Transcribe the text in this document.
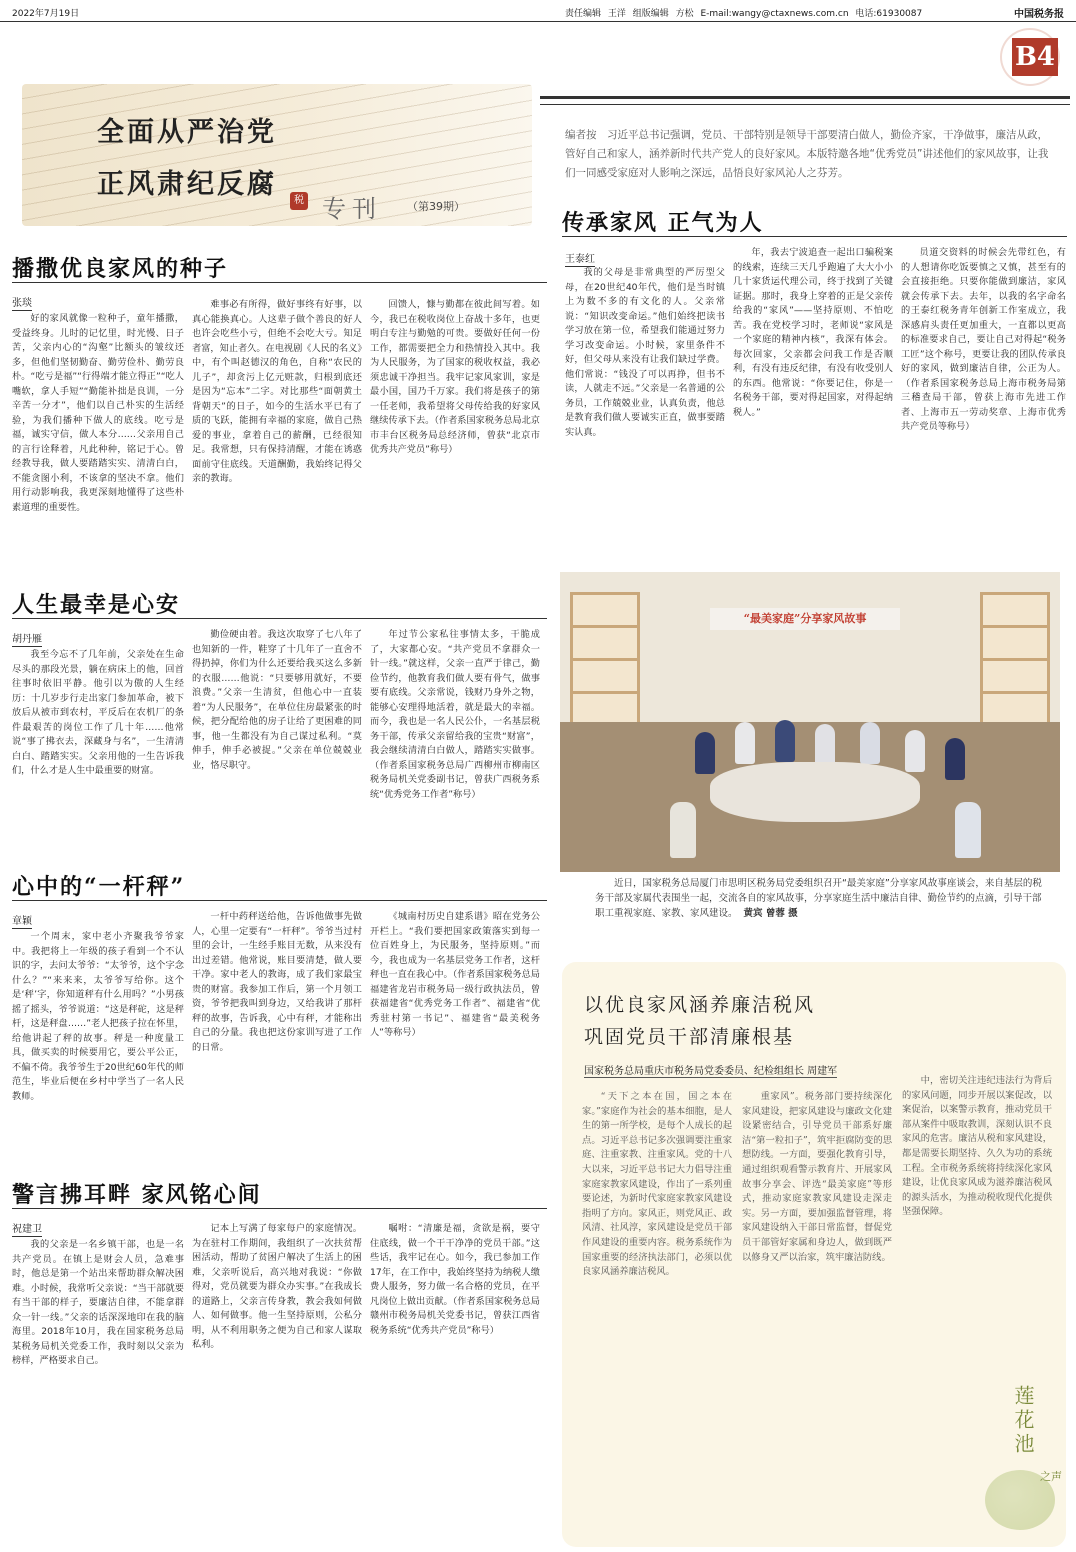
2022年7月19日	责任编辑 王洋 组版编辑 方松 E-mail:wangy@ctaxnews.com.cn 电话:61930087	中国税务报
B4
全面从严治党
正风肃纪反腐
税 专刊 （第39期）
编者按　习近平总书记强调，党员、干部特别是领导干部要清白做人，勤俭齐家，干净做事，廉洁从政，管好自己和家人，涵养新时代共产党人的良好家风。本版特邀各地“优秀党员”讲述他们的家风故事，让我们一同感受家庭对人影响之深远，品悟良好家风沁人之芬芳。
播撒优良家风的种子
张琰
好的家风就像一粒种子，童年播撒，受益终身。儿时的记忆里，时光慢、日子苦，父亲内心的“沟壑”比额头的皱纹还多，但他们坚韧勤奋、勤劳俭朴、勤劳良朴。“吃亏是福”“行得端才能立得正”“吃人嘴软，拿人手短”“勤能补拙是良训，一分辛苦一分才”，他们以自己朴实的生活经验，为我们播种下做人的底线。吃亏是福，诚实守信，做人本分……父亲用自己的言行诠释着，凡此种种，铭记于心。曾经教导我，做人要踏踏实实、清清白白，不能贪图小利，不该拿的坚决不拿。他们用行动影响我，我更深刻地懂得了这些朴素道理的重要性。
难事必有所得，做好事终有好事，以真心能换真心。人这辈子做个善良的好人也许会吃些小亏，但绝不会吃大亏。知足者富，知止者久。在电视剧《人民的名义》中，有个叫赵德汉的角色，自称“农民的儿子”，却贪污上亿元赃款，归根到底还是因为“忘本”二字。对比那些“面朝黄土背朝天”的日子，如今的生活水平已有了质的飞跃，能拥有幸福的家庭，做自己热爱的事业，拿着自己的薪酬，已经很知足。我常想，只有保持清醒，才能在诱惑面前守住底线。天道酬勤，我始终记得父亲的教诲。
回馈人，慷与勤都在彼此间写着。如今，我已在税收岗位上奋战十多年，也更明白专注与勤勉的可贵。要做好任何一份工作，都需要把全力和热情投入其中。我为人民服务，为了国家的税收权益，我必须忠诚干净担当。我牢记家风家训，家是最小国，国乃千万家。我们将是孩子的第一任老师，我希望将父母传给我的好家风继续传承下去。（作者系国家税务总局北京市丰台区税务局总经济师，曾获“北京市优秀共产党员”称号）
人生最幸是心安
胡丹雁
我至今忘不了几年前，父亲处在生命尽头的那段光景，躺在病床上的他，回首往事时依旧平静。他引以为傲的人生经历：十几岁步行走出家门参加革命，被下放后从被市到农村，平反后在农机厂的条件最艰苦的岗位工作了几十年……他常说“事了拂衣去，深藏身与名”，一生清清白白、踏踏实实。父亲用他的一生告诉我们，什么才是人生中最重要的财富。
勤俭硬由着。我这次取穿了七八年了也知新的一件，鞋穿了十几年了一直舍不得扔掉，你们为什么还要给我买这么多新的衣服……他说：“只要够用就好，不要浪费。”父亲一生清贫，但他心中一直装着“为人民服务”，在单位住房最紧张的时候，把分配给他的房子让给了更困难的同事，他一生都没有为自己谋过私利。“莫伸手，伸手必被捉。”父亲在单位兢兢业业，恪尽职守。
年过节公家私往事情太多，干脆成了，大家都心安。“共产党员不拿群众一针一线。”就这样，父亲一直严于律己，勤俭节约，他教育我们做人要有骨气，做事要有底线。父亲常说，钱财乃身外之物，能够心安理得地活着，就是最大的幸福。而今，我也是一名人民公仆，一名基层税务干部，传承父亲留给我的宝贵“财富”，我会继续清清白白做人，踏踏实实做事。（作者系国家税务总局广西柳州市柳南区税务局机关党委副书记，曾获广西税务系统“优秀党务工作者”称号）
心中的“一杆秤”
章颖
一个周末，家中老小齐聚我爷爷家中。我把将上一年级的孩子看到一个不认识的字，去问太爷爷：“太爷爷，这个字念什么？”“来来来，太爷爷写给你。这个是‘秤’字，你知道秤有什么用吗？”小男孩摇了摇头，爷爷说道：“这是秤砣，这是秤杆，这是秤盘……”老人把孩子拉在怀里，给他讲起了秤的故事。秤是一种度量工具，做买卖的时候要用它，要公平公正，不偏不倚。我爷爷生于20世纪60年代的师范生，毕业后便在乡村中学当了一名人民教师。
一杆中药秤送给他，告诉他做事先做人，心里一定要有“一杆秤”。爷爷当过村里的会计，一生经手账目无数，从来没有出过差错。他常说，账目要清楚，做人要干净。家中老人的教诲，成了我们家最宝贵的财富。我参加工作后，第一个月领工资，爷爷把我叫到身边，又给我讲了那杆秤的故事，告诉我，心中有秤，才能称出自己的分量。我也把这份家训写进了工作的日常。
《城南村历史自建系谱》昭在党务公开栏上。“我们要把国家政策落实到每一位百姓身上，为民服务，坚持原则。”而今，我也成为一名基层党务工作者，这杆秤也一直在我心中。（作者系国家税务总局福建省龙岩市税务局一级行政执法员，曾获福建省“优秀党务工作者”、福建省“优秀驻村第一书记”、福建省“最美税务人”等称号）
警言拂耳畔 家风铭心间
祝建卫
我的父亲是一名乡镇干部，也是一名共产党员。在镇上是财会人员，急难事时，他总是第一个站出来帮助群众解决困难。小时候，我常听父亲说：“当干部就要有当干部的样子，要廉洁自律，不能拿群众一针一线。”父亲的话深深地印在我的脑海里。2018年10月，我在国家税务总局某税务局机关党委工作，我时刻以父亲为榜样，严格要求自己。
记本上写满了每家每户的家庭情况。为在驻村工作期间，我组织了一次扶贫帮困活动，帮助了贫困户解决了生活上的困难，父亲听说后，高兴地对我说：“你做得对，党员就要为群众办实事。”在我成长的道路上，父亲言传身教，教会我如何做人、如何做事。他一生坚持原则，公私分明，从不利用职务之便为自己和家人谋取私利。
嘱咐：“清廉是福，贪欲是祸，要守住底线，做一个干干净净的党员干部。”这些话，我牢记在心。如今，我已参加工作17年，在工作中，我始终坚持为纳税人缴费人服务，努力做一名合格的党员，在平凡岗位上做出贡献。（作者系国家税务总局赣州市税务局机关党委书记，曾获江西省税务系统“优秀共产党员”称号）
传承家风 正气为人
王泰红
我的父母是非常典型的严厉型父母，在20世纪40年代，他们是当时镇上为数不多的有文化的人。父亲常说：“知识改变命运。”他们始终把读书学习放在第一位，希望我们能通过努力学习改变命运。小时候，家里条件不好，但父母从来没有让我们缺过学费。他们常说：“钱没了可以再挣，但书不读，人就走不远。”父亲是一名普通的公务员，工作兢兢业业，认真负责，他总是教育我们做人要诚实正直，做事要踏实认真。
年，我去宁波追查一起出口骗税案的线索，连续三天几乎跑遍了大大小小几十家货运代理公司，终于找到了关键证据。那时，我身上穿着的正是父亲传给我的“家风”——坚持原则、不怕吃苦。我在党校学习时，老师说“家风是一个家庭的精神内核”，我深有体会。每次回家，父亲都会问我工作是否顺利，有没有违反纪律，有没有收受别人的东西。他常说：“你要记住，你是一名税务干部，要对得起国家，对得起纳税人。”
员道交资料的时候会先带红色，有的人想请你吃饭要慎之又慎，甚至有的会直接拒绝。只要你能做到廉洁，家风就会传承下去。去年，以我的名字命名的王泰红税务青年创新工作室成立，我深感肩头责任更加重大，一直都以更高的标准要求自己，要让自己对得起“税务工匠”这个称号，更要让我的团队传承良好的家风，做到廉洁自律，公正为人。（作者系国家税务总局上海市税务局第三稽查局干部，曾获上海市先进工作者、上海市五一劳动奖章、上海市优秀共产党员等称号）
“最美家庭”分享家风故事
近日，国家税务总局厦门市思明区税务局党委组织召开“最美家庭”分享家风故事座谈会，来自基层的税务干部及家属代表围坐一起，交流各自的家风故事，分享家庭生活中廉洁自律、勤俭节约的点滴，引导干部职工重视家庭、家教、家风建设。 黄宾 曾蓉 摄
以优良家风涵养廉洁税风
巩固党员干部清廉根基
国家税务总局重庆市税务局党委委员、纪检组组长 周建军
“天下之本在国，国之本在家。”家庭作为社会的基本细胞，是人生的第一所学校，是每个人成长的起点。习近平总书记多次强调要注重家庭、注重家教、注重家风。党的十八大以来，习近平总书记大力倡导注重家庭家教家风建设，作出了一系列重要论述，为新时代家庭家教家风建设指明了方向。家风正，则党风正、政风清、社风淳，家风建设是党员干部作风建设的重要内容。税务系统作为国家重要的经济执法部门，必须以优良家风涵养廉洁税风。
重家风”。税务部门要持续深化家风建设，把家风建设与廉政文化建设紧密结合，引导党员干部系好廉洁“第一粒扣子”，筑牢拒腐防变的思想防线。一方面，要强化教育引导，通过组织观看警示教育片、开展家风故事分享会、评选“最美家庭”等形式，推动家庭家教家风建设走深走实。另一方面，要加强监督管理，将家风建设纳入干部日常监督，督促党员干部管好家属和身边人，做到既严以修身又严以治家，筑牢廉洁防线。
中，密切关注违纪违法行为背后的家风问题，同步开展以案促改，以案促治，以案警示教育，推动党员干部从案件中吸取教训，深刻认识不良家风的危害。廉洁从税和家风建设，都是需要长期坚持、久久为功的系统工程。全市税务系统将持续深化家风建设，让优良家风成为滋养廉洁税风的源头活水，为推动税收现代化提供坚强保障。
莲花池
之声
